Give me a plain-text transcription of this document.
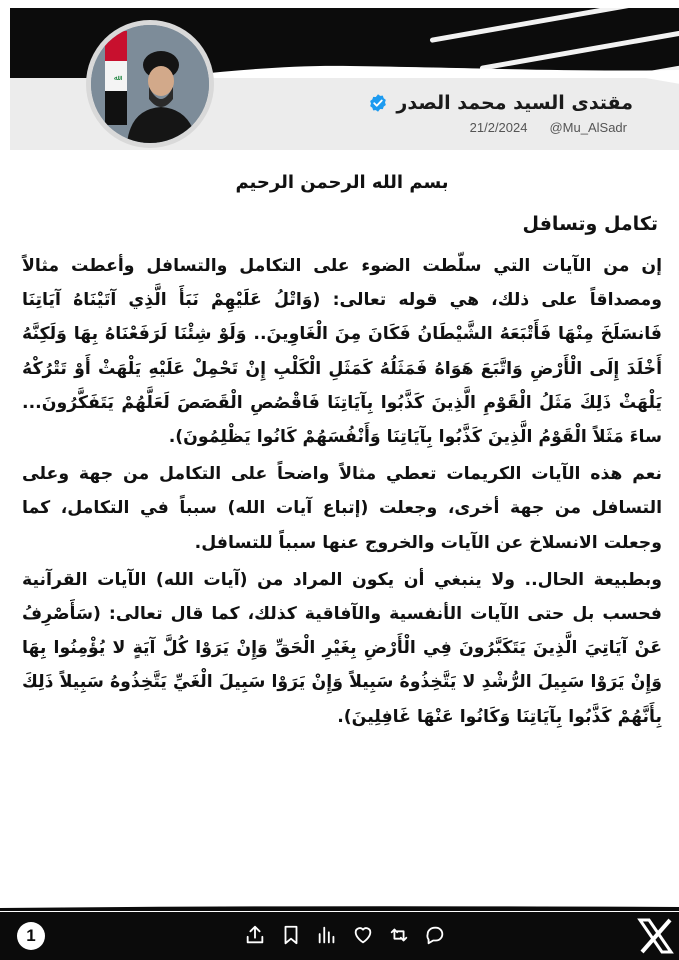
ﷲ
مقتدى السيد محمد الصدر
21/2/2024 @Mu_AlSadr
بسم الله الرحمن الرحيم
تكامل وتسافل

إن من الآيات التي سلّطت الضوء على التكامل والتسافل وأعطت مثالاً ومصداقاً على ذلك، هي قوله تعالى: (وَاتْلُ عَلَيْهِمْ نَبَأَ الَّذِي آتَيْنَاهُ آيَاتِنَا فَانسَلَخَ مِنْهَا فَأَتْبَعَهُ الشَّيْطَانُ فَكَانَ مِنَ الْغَاوِينَ.. وَلَوْ شِئْنَا لَرَفَعْنَاهُ بِهَا وَلَكِنَّهُ أَخْلَدَ إِلَى الْأَرْضِ وَاتَّبَعَ هَوَاهُ فَمَثَلُهُ كَمَثَلِ الْكَلْبِ إِنْ تَحْمِلْ عَلَيْهِ يَلْهَثْ أَوْ تَتْرُكْهُ يَلْهَثْ ذَلِكَ مَثَلُ الْقَوْمِ الَّذِينَ كَذَّبُوا بِآيَاتِنَا فَاقْصُصِ الْقَصَصَ لَعَلَّهُمْ يَتَفَكَّرُونَ... ساءَ مَثَلاً الْقَوْمُ الَّذِينَ كَذَّبُوا بِآيَاتِنَا وَأَنْفُسَهُمْ كَانُوا يَظْلِمُونَ).

نعم هذه الآيات الكريمات تعطي مثالاً واضحاً على التكامل من جهة وعلى التسافل من جهة أخرى، وجعلت (إتباع آيات الله) سبباً في التكامل، كما وجعلت الانسلاخ عن الآيات والخروج عنها سبباً للتسافل.

وبطبيعة الحال.. ولا ينبغي أن يكون المراد من (آيات الله) الآيات القرآنية فحسب بل حتى الآيات الأنفسية والآفاقية كذلك، كما قال تعالى: (سَأَصْرِفُ عَنْ آيَاتِيَ الَّذِينَ يَتَكَبَّرُونَ فِي الْأَرْضِ بِغَيْرِ الْحَقِّ وَإِنْ يَرَوْا كُلَّ آيَةٍ لا يُؤْمِنُوا بِهَا وَإِنْ يَرَوْا سَبِيلَ الرُّشْدِ لا يَتَّخِذُوهُ سَبِيلاً وَإِنْ يَرَوْا سَبِيلَ الْغَيِّ يَتَّخِذُوهُ سَبِيلاً ذَلِكَ بِأَنَّهُمْ كَذَّبُوا بِآيَاتِنَا وَكَانُوا عَنْهَا غَافِلِينَ).

1
